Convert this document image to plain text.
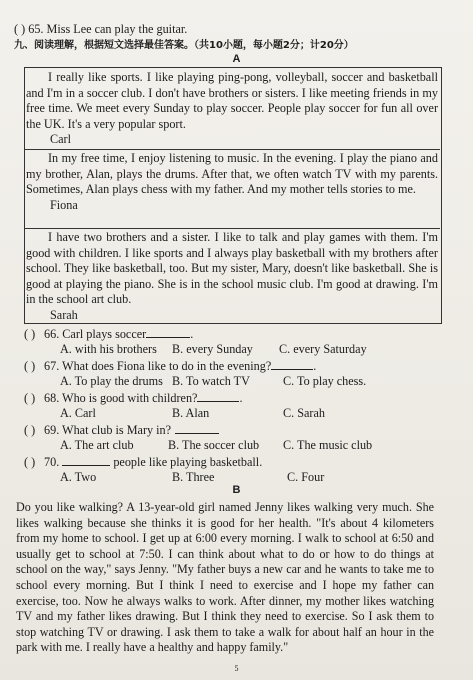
( ) 65. Miss Lee can play the guitar.
九、阅读理解，根据短文选择最佳答案。（共10小题，每小题2分；计20分）
A

I really like sports. I like playing ping-pong, volleyball, soccer and basketball and I'm in a soccer club. I don't have brothers or sisters. I like meeting friends in my free time. We meet every Sunday to play soccer. People play soccer for fun all over the UK. It's a very popular sport.

Carl

In my free time, I enjoy listening to music. In the evening. I play the piano and my brother, Alan, plays the drums. After that, we often watch TV with my parents. Sometimes, Alan plays chess with my father. And my mother tells stories to me.

Fiona

I have two brothers and a sister. I like to talk and play games with them. I'm good with children. I like sports and I always play basketball with my brothers after school. They like basketball, too. But my sister, Mary, doesn't like basketball. She is good at playing the piano. She is in the school music club. I'm good at drawing. I'm in the school art club.

Sarah
( ) 66. Carl plays soccer	.
A. with his brothers B. every Sunday C. every Saturday
( ) 67. What does Fiona like to do in the evening?	.
A. To play the drums B. To watch TV	C. To play chess.
( ) 68. Who is good with children?	.
A. Carl	B. Alan	C. Sarah
( ) 69. What club is Mary in?
A. The art club	B. The soccer club C. The music club
( ) 70.	people like playing basketball.
A. Two	B. Three	C. Four
B

Do you like walking? A 13-year-old girl named Jenny likes walking very much. She likes walking because she thinks it is good for her health. "It's about 4 kilometers from my home to school. I get up at 6:00 every morning. I walk to school at 6:50 and usually get to school at 7:50. I can think about what to do or how to do things at school on the way," says Jenny. "My father buys a new car and he wants to take me to school every morning. But I think I need to exercise and I hope my father can exercise, too. Now he always walks to work. After dinner, my mother likes watching TV and my father likes drawing. But I think they need to exercise. So I ask them to stop watching TV or drawing. I ask them to take a walk for about half an hour in the park with me. I really have a healthy and happy family."

5
